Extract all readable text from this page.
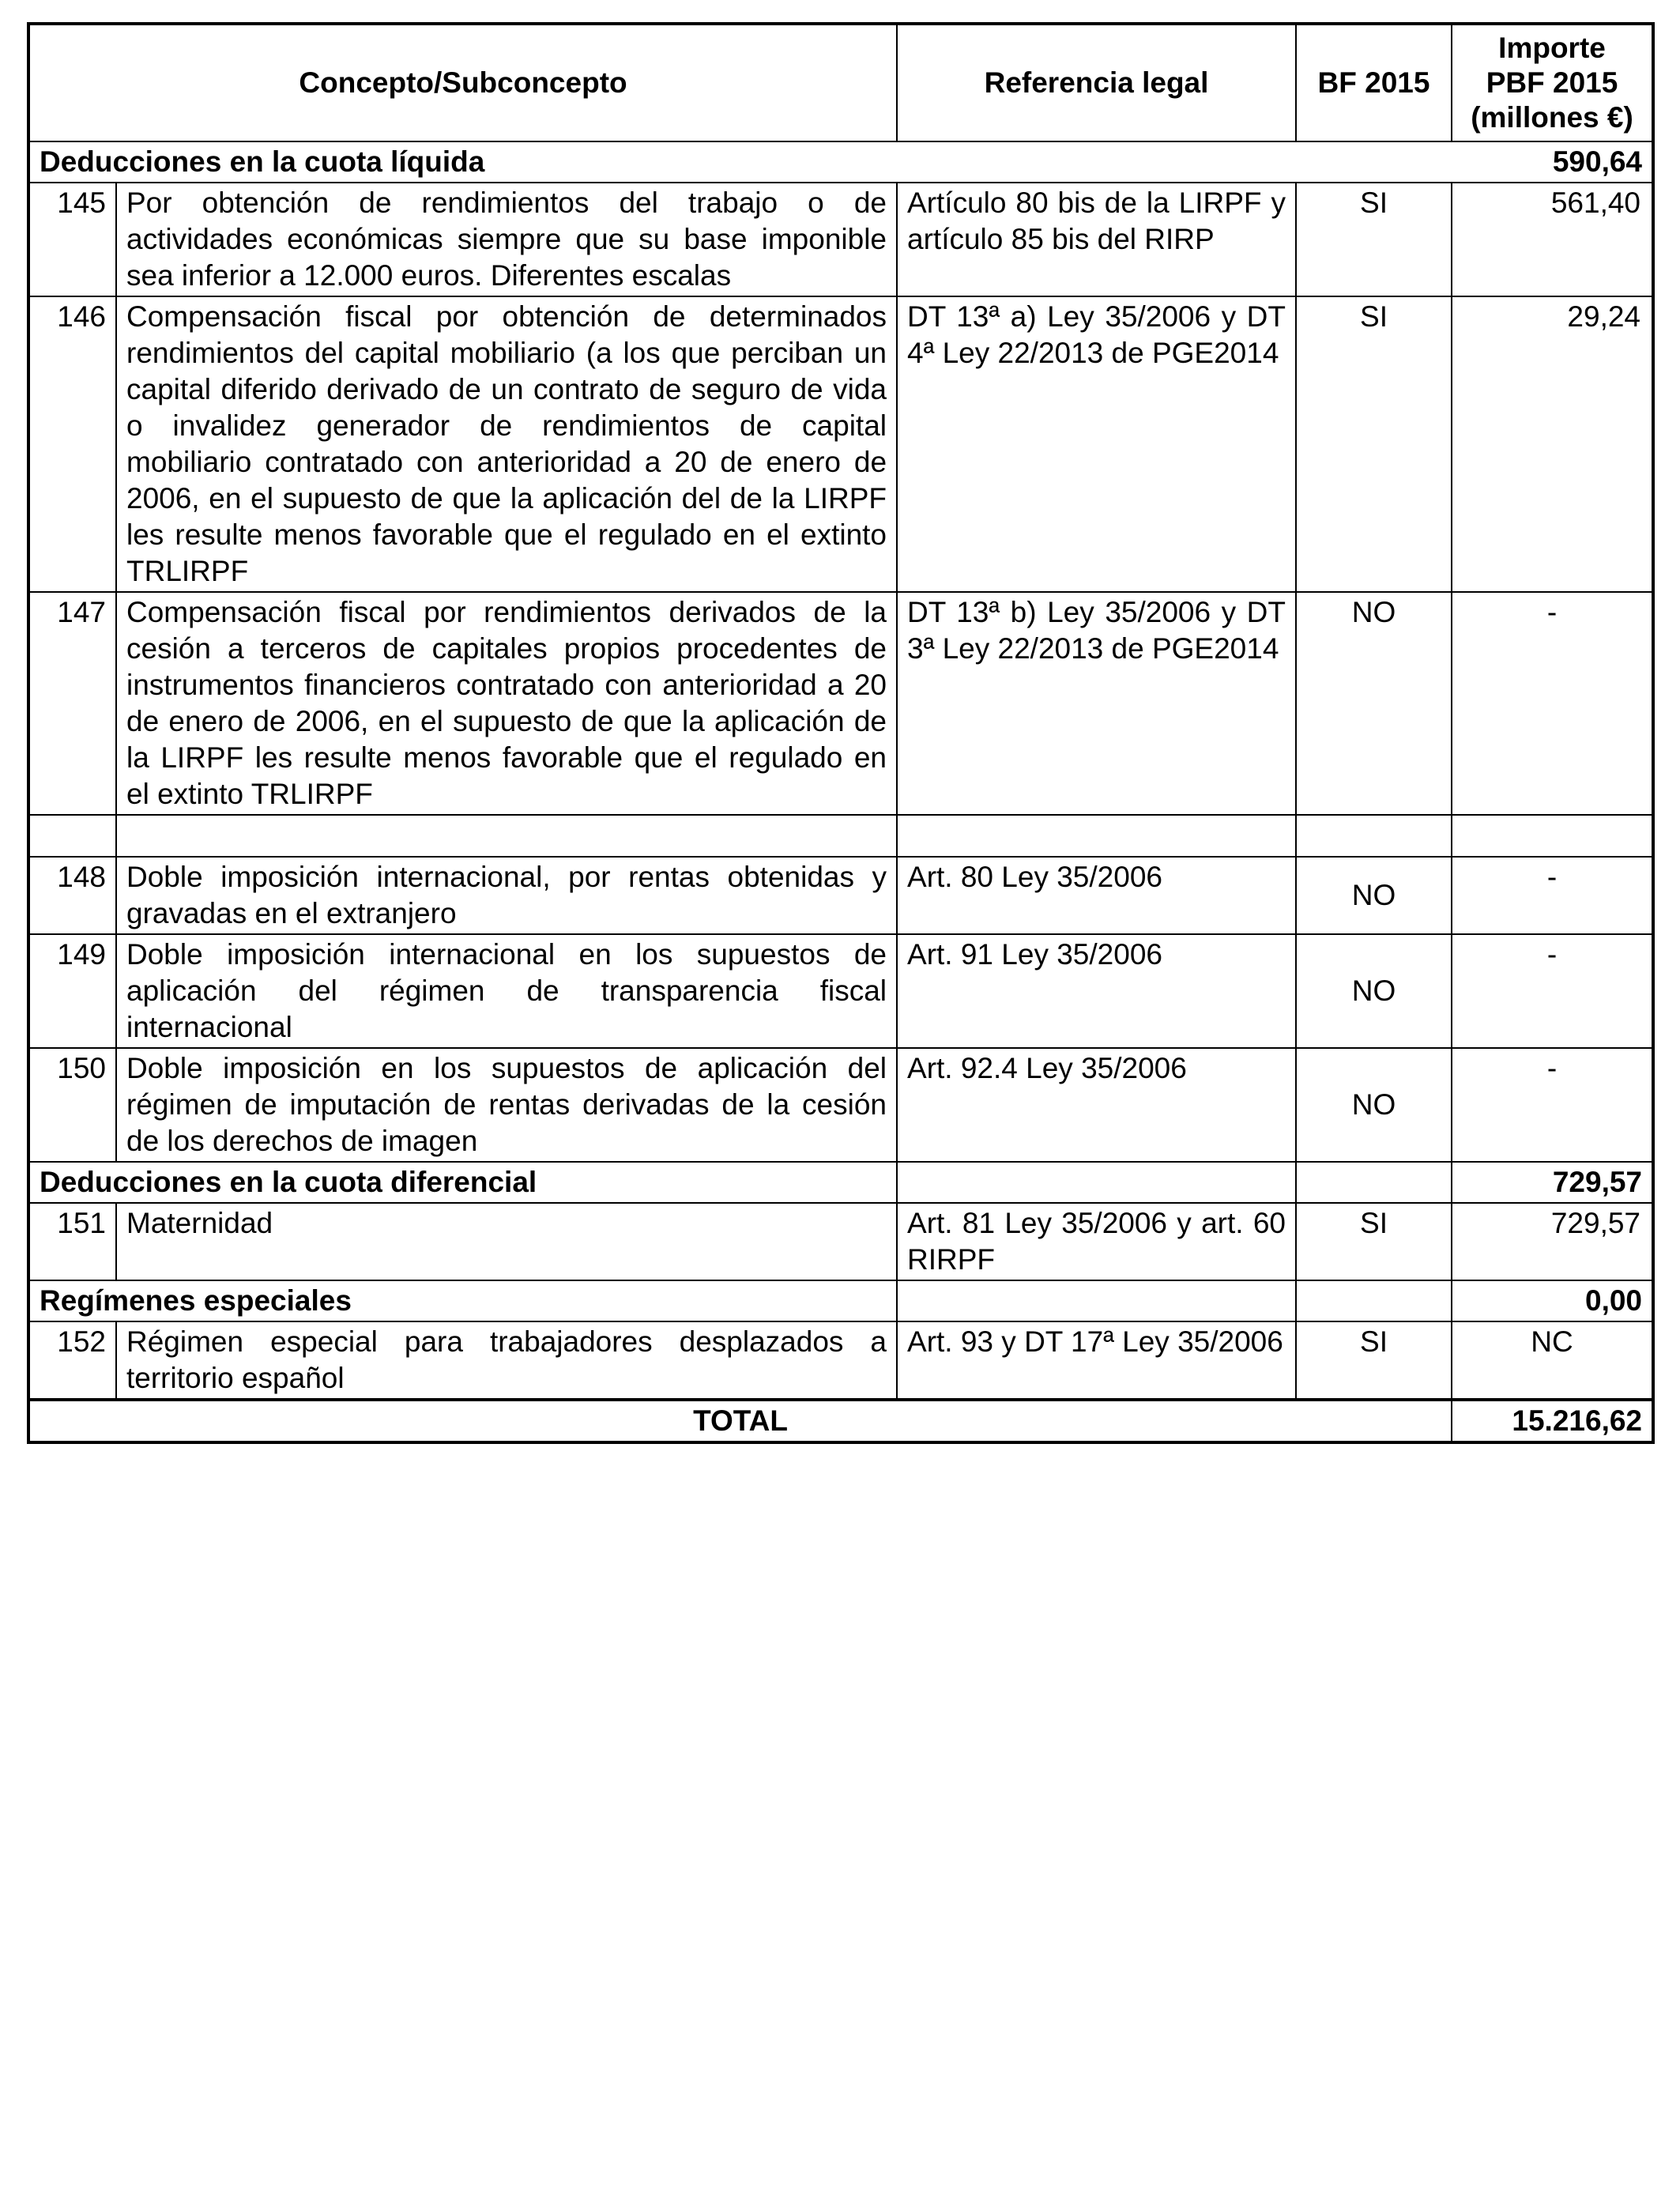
Concepto/Subconcepto		Referencia legal	BF 2015	Importe
PBF 2015
(millones €)
Deducciones en la cuota líquida				590,64
145	Por obtención de rendimientos del trabajo o de actividades económicas siempre que su base imponible sea inferior a 12.000 euros. Diferentes escalas	Artículo 80 bis de la LIRPF y artículo 85 bis del RIRP	SI	561,40
146	Compensación fiscal por obtención de determinados rendimientos del capital mobiliario (a los que perciban un capital diferido derivado de un contrato de seguro de vida o invalidez generador de rendimientos de capital mobiliario contratado con anterioridad a 20 de enero de 2006, en el supuesto de que la aplicación del de la LIRPF les resulte menos favorable que el regulado en el extinto TRLIRPF	DT 13ª a) Ley 35/2006 y DT 4ª Ley 22/2013 de PGE2014	SI	29,24
147	Compensación fiscal por rendimientos derivados de la cesión a terceros de capitales propios procedentes de instrumentos financieros contratado con anterioridad a 20 de enero de 2006, en el supuesto de que la aplicación de la LIRPF les resulte menos favorable que el regulado en el extinto TRLIRPF	DT 13ª b) Ley 35/2006 y DT 3ª Ley 22/2013 de PGE2014	NO	-

148	Doble imposición internacional, por rentas obtenidas y gravadas en el extranjero	Art. 80 Ley 35/2006	NO	-
149	Doble imposición internacional en los supuestos de aplicación del régimen de transparencia fiscal internacional	Art. 91 Ley 35/2006	NO	-
150	Doble imposición en los supuestos de aplicación del régimen de imputación de rentas derivadas de la cesión de los derechos de imagen	Art. 92.4 Ley 35/2006	NO	-
Deducciones en la cuota diferencial				729,57
151	Maternidad	Art. 81 Ley 35/2006 y art. 60 RIRPF	SI	729,57
Regímenes especiales				0,00
152	Régimen especial para trabajadores desplazados a territorio español	Art. 93 y DT 17ª Ley 35/2006	SI	NC
TOTAL				15.216,62
